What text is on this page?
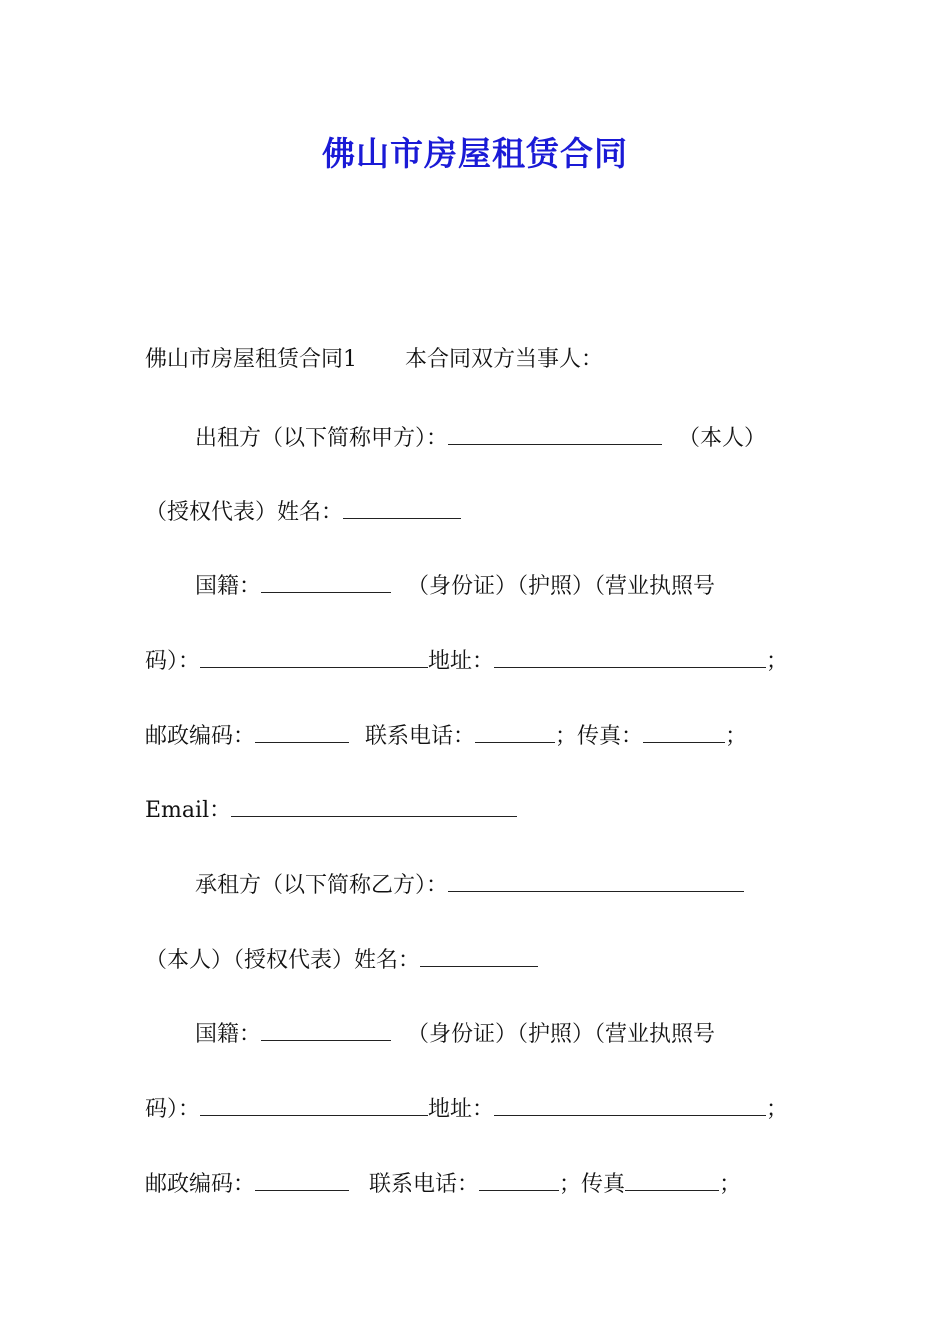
佛山市房屋租赁合同
佛山市房屋租赁合同1 本合同双方当事人：
出租方（以下简称甲方）：	（本人）
（授权代表）姓名：
国籍：	（身份证）（护照）（营业执照号
码）：	地址：	；
邮政编码：	联系电话：	；传真：	；
Email：
承租方（以下简称乙方）：
（本人）（授权代表）姓名：
国籍：	（身份证）（护照）（营业执照号
码）：	地址：	；
邮政编码：	联系电话：	；传真	；
